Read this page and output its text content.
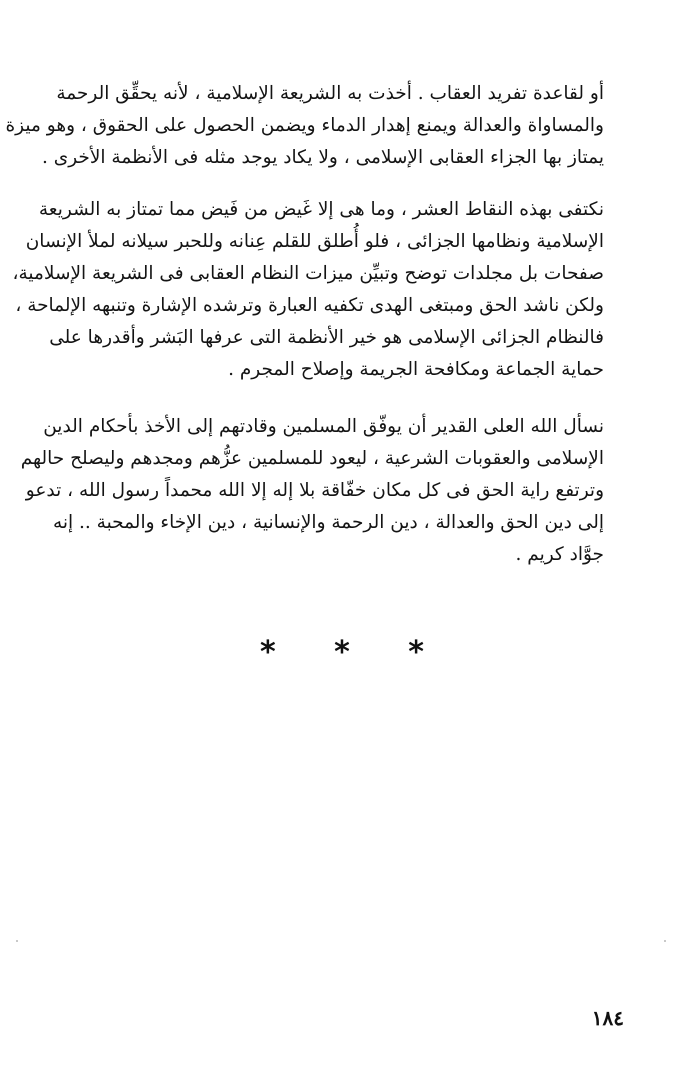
أو لقاعدة تفريد العقاب . أخذت به الشريعة الإسلامية ، لأنه يحقِّق الرحمة
والمساواة والعدالة ويمنع إهدار الدماء ويضمن الحصول على الحقوق ، وهو ميزة
يمتاز بها الجزاء العقابى الإسلامى ، ولا يكاد يوجد مثله فى الأنظمة الأخرى .

نكتفى بهذه النقاط العشر ، وما هى إلا غَيض من فَيض مما تمتاز به الشريعة
الإسلامية ونظامها الجزائى ، فلو أُطلق للقلم عِنانه وللحبر سيلانه لملأ الإنسان
صفحات بل مجلدات توضح وتبيِّن ميزات النظام العقابى فى الشريعة الإسلامية،
ولكن ناشد الحق ومبتغى الهدى تكفيه العبارة وترشده الإشارة وتنبهه الإلماحة ،
فالنظام الجزائى الإسلامى هو خير الأنظمة التى عرفها البَشر وأقدرها على
حماية الجماعة ومكافحة الجريمة وإصلاح المجرم .

نسأل الله العلى القدير أن يوفّق المسلمين وقادتهم إلى الأخذ بأحكام الدين
الإسلامى والعقوبات الشرعية ، ليعود للمسلمين عزُّهم ومجدهم وليصلح حالهم
وترتفع راية الحق فى كل مكان خفّاقة بلا إله إلا الله محمداً رسول الله ، تدعو
إلى دين الحق والعدالة ، دين الرحمة والإنسانية ، دين الإخاء والمحبة .. إنه
جوَّاد كريم .

* * *
١٨٤
